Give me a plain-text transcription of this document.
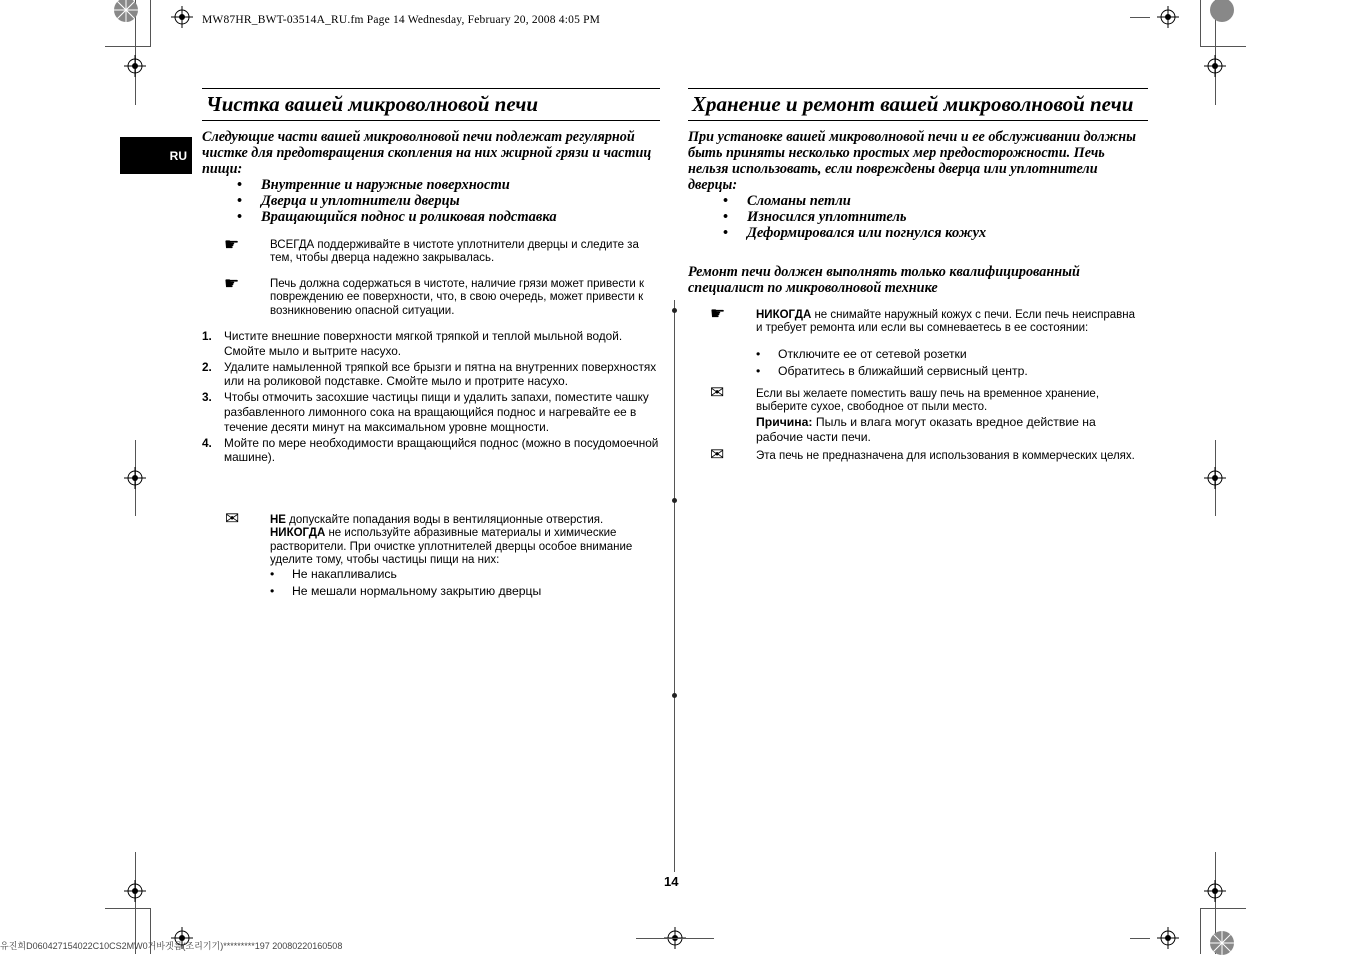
MW87HR_BWT-03514A_RU.fm Page 14 Wednesday, February 20, 2008 4:05 PM
RU
Чистка вашей микроволновой печи
Следующие части вашей микроволновой печи подлежат регулярной чистке для предотвращения скопления на них жирной грязи и частиц пищи:
• Внутренние и наружные поверхности
• Дверца и уплотнители дверцы
• Вращающийся поднос и роликовая подставка
☛	ВСЕГДА поддерживайте в чистоте уплотнители дверцы и следите за тем, чтобы дверца надежно закрывалась.
☛	Печь должна содержаться в чистоте, наличие грязи может привести к повреждению ее поверхности, что, в свою очередь, может привести к возникновению опасной ситуации.
1. Чистите внешние поверхности мягкой тряпкой и теплой мыльной водой. Смойте мыло и вытрите насухо.
2. Удалите намыленной тряпкой все брызги и пятна на внутренних поверхностях или на роликовой подставке. Смойте мыло и протрите насухо.
3. Чтобы отмочить засохшие частицы пищи и удалить запахи, поместите чашку разбавленного лимонного сока на вращающийся поднос и нагревайте ее в течение десяти минут на максимальном уровне мощности.
4. Мойте по мере необходимости вращающийся поднос (можно в посудомоечной машине).
✉	НЕ допускайте попадания воды в вентиляционные отверстия.
НИКОГДА не используйте абразивные материалы и химические растворители. При очистке уплотнителей дверцы особое внимание уделите тому, чтобы частицы пищи на них:
• Не накапливались
• Не мешали нормальному закрытию дверцы
Хранение и ремонт вашей микроволновой печи
При установке вашей микроволновой печи и ее обслуживании должны быть приняты несколько простых мер предосторожности. Печь нельзя использовать, если повреждены дверца или уплотнители дверцы:
• Сломаны петли
• Износился уплотнитель
• Деформировался или погнулся кожух
Ремонт печи должен выполнять только квалифицированный специалист по микроволновой технике
☛	НИКОГДА не снимайте наружный кожух с печи. Если печь неисправна и требует ремонта или если вы сомневаетесь в ее состоянии:
• Отключите ее от сетевой розетки
• Обратитесь в ближайший сервисный центр.
✉	Если вы желаете поместить вашу печь на временное хранение, выберите сухое, свободное от пыли место.
Причина: Пыль и влага могут оказать вредное действие на рабочие части печи.
✉	Эта печь не предназначена для использования в коммерческих целях.
14
유진희D060427154022C10CS2MW0거바겟름(조리기기)*********197 20080220160508
